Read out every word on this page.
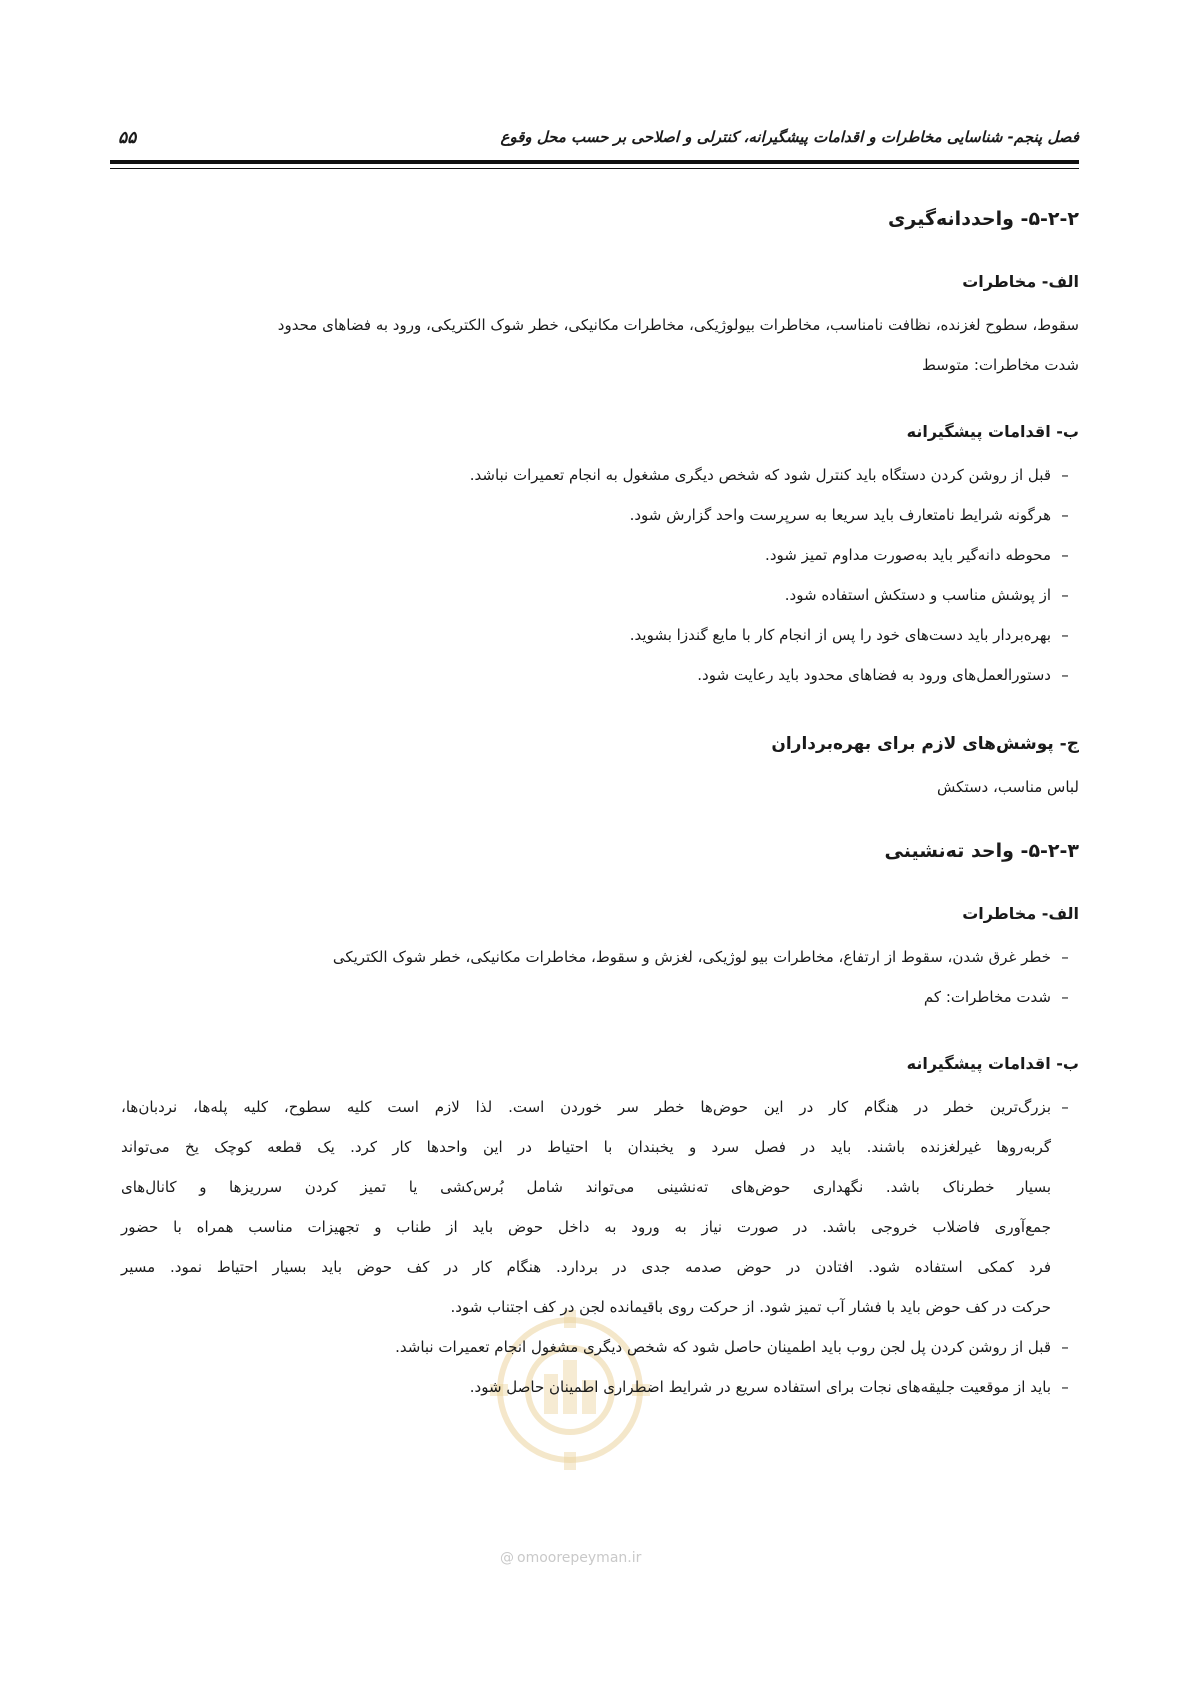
فصل پنجم- شناسایی مخاطرات و اقدامات پیشگیرانه، کنترلی و اصلاحی بر حسب محل وقوع
۵۵
@ omoorepeyman.ir
۵-۲-۲- واحددانه‌گیری
الف- مخاطرات
سقوط، سطوح لغزنده، نظافت نامناسب، مخاطرات بیولوژیکی، مخاطرات مکانیکی، خطر شوک الکتریکی، ورود به فضاهای محدود
شدت مخاطرات: متوسط
ب- اقدامات پیشگیرانه
–قبل از روشن کردن دستگاه باید کنترل شود که شخص دیگری مشغول به انجام تعمیرات نباشد.
–هرگونه شرایط نامتعارف باید سریعا به سرپرست واحد گزارش شود.
–محوطه دانه‌گیر باید به‌صورت مداوم تمیز شود.
–از پوشش مناسب و دستکش استفاده شود.
–بهره‌بردار باید دست‌های خود را پس از انجام کار با مایع گندزا بشوید.
–دستورالعمل‌های ورود به فضاهای محدود باید رعایت شود.
ج- پوشش‌های لازم برای بهره‌برداران
لباس مناسب، دستکش
۵-۲-۳- واحد ته‌نشینی
الف- مخاطرات
–خطر غرق شدن، سقوط از ارتفاع، مخاطرات بیو لوژیکی، لغزش و سقوط، مخاطرات مکانیکی، خطر شوک الکتریکی
–شدت مخاطرات: کم
ب- اقدامات پیشگیرانه
–
بزرگ‌ترین خطر در هنگام کار در این حوض‌ها خطر سر خوردن است. لذا لازم است کلیه سطوح، کلیه پله‌ها، نردبان‌ها،
گربه‌روها غیرلغزنده باشند. باید در فصل سرد و یخبندان با احتیاط در این واحدها کار کرد. یک قطعه کوچک یخ می‌تواند
بسیار خطرناک باشد. نگهداری حوض‌های ته‌نشینی می‌تواند شامل بُرس‌کشی یا تمیز کردن سرریزها و کانال‌های
جمع‌آوری فاضلاب خروجی باشد. در صورت نیاز به ورود به داخل حوض باید از طناب و تجهیزات مناسب همراه با حضور
فرد کمکی استفاده شود. افتادن در حوض صدمه جدی در بردارد. هنگام کار در کف حوض باید بسیار احتیاط نمود. مسیر
حرکت در کف حوض باید با فشار آب تمیز شود. از حرکت روی باقیمانده لجن در کف اجتناب شود.
–قبل از روشن کردن پل لجن روب باید اطمینان حاصل شود که شخص دیگری مشغول انجام تعمیرات نباشد.
–باید از موقعیت جلیقه‌های نجات برای استفاده سریع در شرایط اضطراری اطمینان حاصل شود.
